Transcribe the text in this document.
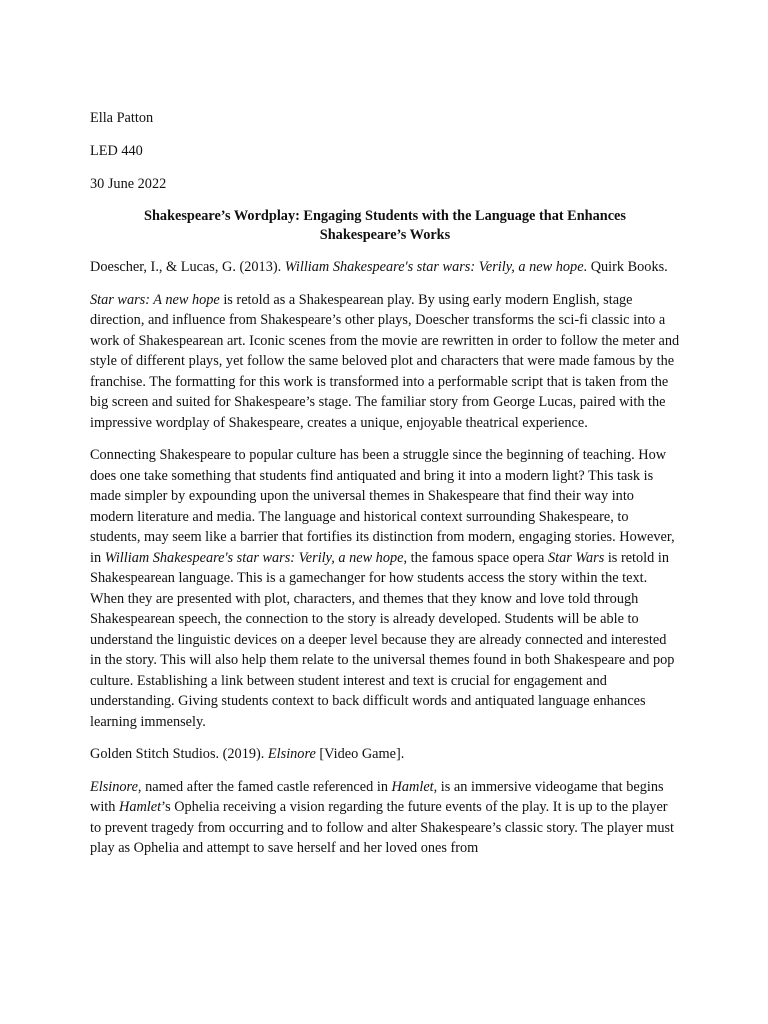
Ella Patton
LED 440
30 June 2022
Shakespeare’s Wordplay: Engaging Students with the Language that Enhances
Shakespeare’s Works

Doescher, I., & Lucas, G. (2013). William Shakespeare's star wars: Verily, a new hope. Quirk Books.

Star wars: A new hope is retold as a Shakespearean play. By using early modern English, stage direction, and influence from Shakespeare’s other plays, Doescher transforms the sci-fi classic into a work of Shakespearean art. Iconic scenes from the movie are rewritten in order to follow the meter and style of different plays, yet follow the same beloved plot and characters that were made famous by the franchise. The formatting for this work is transformed into a performable script that is taken from the big screen and suited for Shakespeare’s stage. The familiar story from George Lucas, paired with the impressive wordplay of Shakespeare, creates a unique, enjoyable theatrical experience.

Connecting Shakespeare to popular culture has been a struggle since the beginning of teaching. How does one take something that students find antiquated and bring it into a modern light? This task is made simpler by expounding upon the universal themes in Shakespeare that find their way into modern literature and media. The language and historical context surrounding Shakespeare, to students, may seem like a barrier that fortifies its distinction from modern, engaging stories. However, in William Shakespeare's star wars: Verily, a new hope, the famous space opera Star Wars is retold in Shakespearean language. This is a gamechanger for how students access the story within the text. When they are presented with plot, characters, and themes that they know and love told through Shakespearean speech, the connection to the story is already developed. Students will be able to understand the linguistic devices on a deeper level because they are already connected and interested in the story. This will also help them relate to the universal themes found in both Shakespeare and pop culture. Establishing a link between student interest and text is crucial for engagement and understanding. Giving students context to back difficult words and antiquated language enhances learning immensely.

Golden Stitch Studios. (2019). Elsinore [Video Game].

Elsinore, named after the famed castle referenced in Hamlet, is an immersive videogame that begins with Hamlet’s Ophelia receiving a vision regarding the future events of the play. It is up to the player to prevent tragedy from occurring and to follow and alter Shakespeare’s classic story. The player must play as Ophelia and attempt to save herself and her loved ones from
